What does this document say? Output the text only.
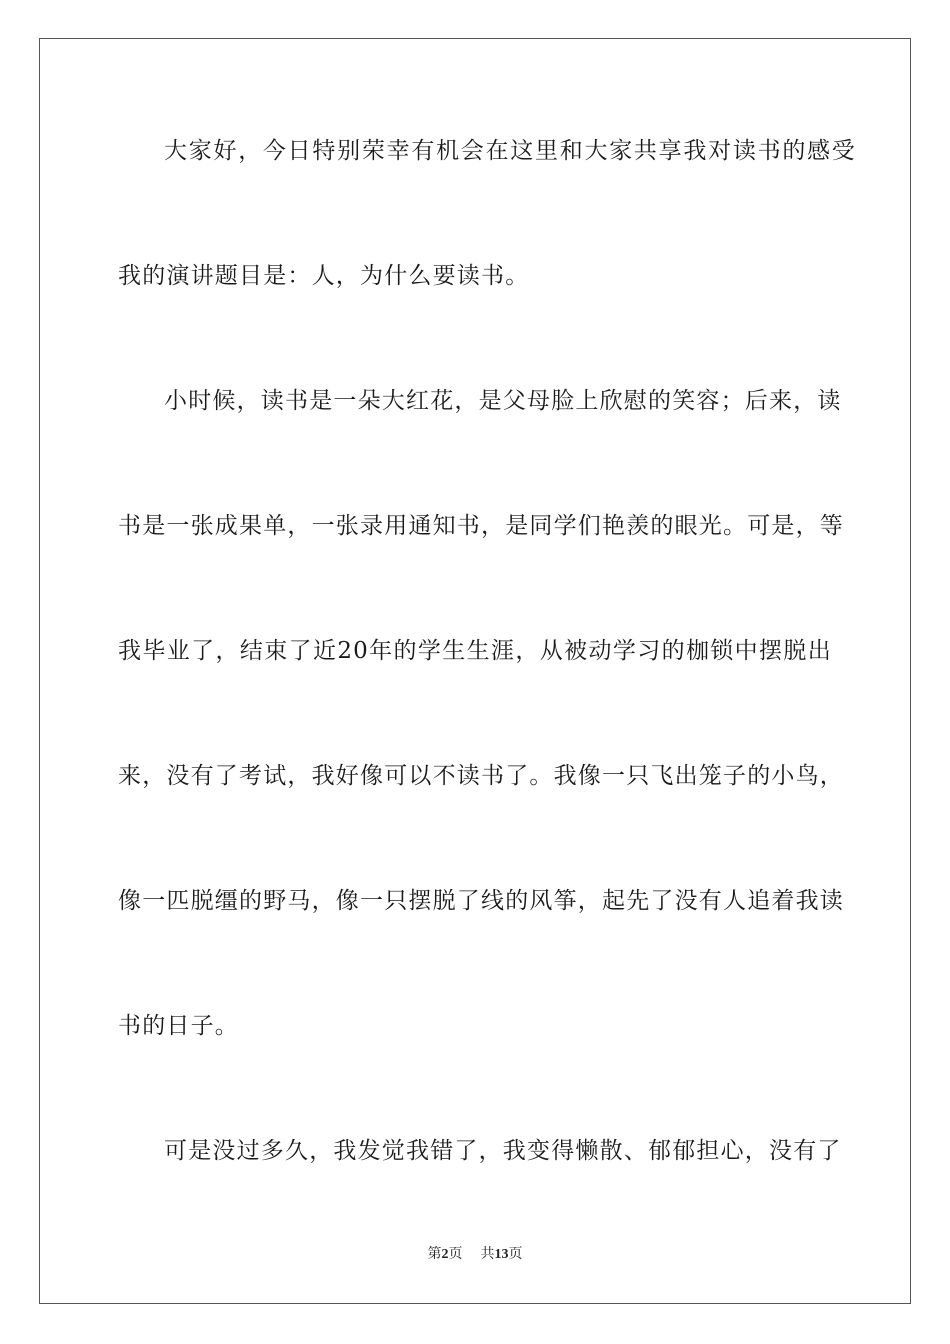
大家好，今日特别荣幸有机会在这里和大家共享我对读书的感受
我的演讲题目是：人，为什么要读书。
小时候，读书是一朵大红花，是父母脸上欣慰的笑容；后来，读
书是一张成果单，一张录用通知书，是同学们艳羡的眼光。可是，等
我毕业了，结束了近20年的学生生涯，从被动学习的枷锁中摆脱出
来，没有了考试，我好像可以不读书了。我像一只飞出笼子的小鸟，
像一匹脱缰的野马，像一只摆脱了线的风筝，起先了没有人追着我读
书的日子。
可是没过多久，我发觉我错了，我变得懒散、郁郁担心，没有了
第2页 共13页
